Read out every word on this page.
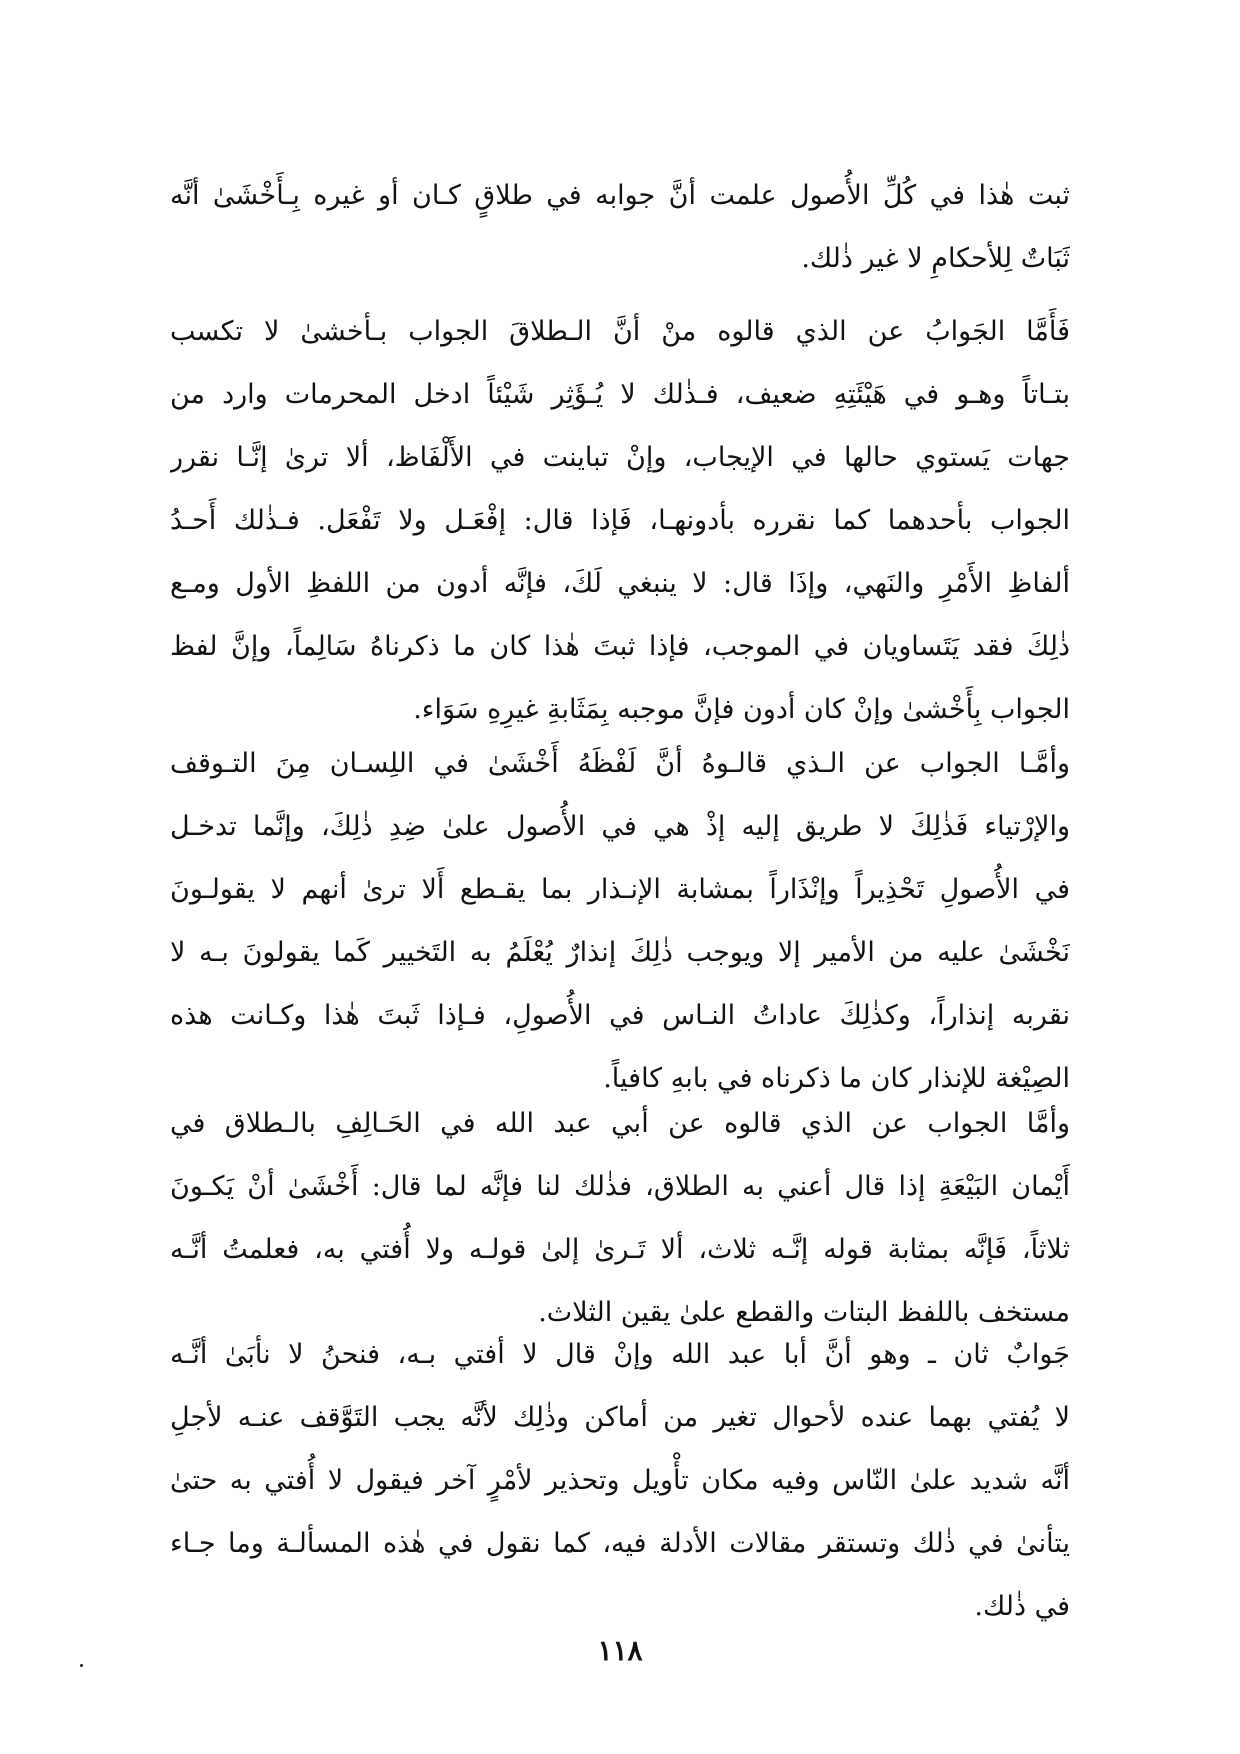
ثبت هٰذا في كُلِّ الأُصول علمت أنَّ جوابه في طلاقٍ كـان أو غيره بِـأَخْشَىٰ أنَّه
ثَبَاتٌ لِلأحكامِ لا غير ذٰلك.
فَأَمَّا الجَوابُ عن الذي قالوه منْ أنَّ الـطلاقَ الجواب بـأخشىٰ لا تكسب
بتـاتاً وهـو في هَيْئَتِهِ ضعيف، فـذٰلك لا يُـؤَثِر شَيْئاً ادخل المحرمات وارد من
جهات يَستوي حالها في الإيجاب، وإنْ تباينت في الأَلْفَاظ، ألا ترىٰ إنَّـا نقرر
الجواب بأحدهما كما نقرره بأدونهـا، فَإذا قال: إفْعَـل ولا تَفْعَل. فـذٰلك أَحـدُ
ألفاظِ الأَمْرِ والنَهي، وإذَا قال: لا ينبغي لَكَ، فإنَّه أدون من اللفظِ الأول ومـع
ذٰلِكَ فقد يَتَساويان في الموجب، فإذا ثبتَ هٰذا كان ما ذكرناهُ سَالِماً، وإنَّ لفظ
الجواب بِأَخْشىٰ وإنْ كان أدون فإنَّ موجبه بِمَثَابةِ غيرِهِ سَوَاء.
وأمَّـا الجواب عن الـذي قالـوهُ أنَّ لَفْظَهُ أَخْشَىٰ في اللِسـان مِنَ التـوقف
والإرْتياء فَذٰلِكَ لا طريق إليه إذْ هي في الأُصول علىٰ ضِدِ ذٰلِكَ، وإنَّما تدخـل
في الأُصولِ تَحْذِيراً وإنْذَاراً بمشابة الإنـذار بما يقـطع أَلا ترىٰ أنهم لا يقولـونَ
نَخْشَىٰ عليه من الأمير إلا ويوجب ذٰلِكَ إنذارٌ يُعْلَمُ به التَخيير كَما يقولونَ بـه لا
نقربه إنذاراً، وكذٰلِكَ عاداتُ النـاس في الأُصولِ، فـإذا ثَبتَ هٰذا وكـانت هذه
الصِيْغة للإنذار كان ما ذكرناه في بابهِ كافياً.
وأمَّا الجواب عن الذي قالوه عن أبي عبد الله في الحَـالِفِ بالـطلاق في
أَيْمان البَيْعَةِ إذا قال أعني به الطلاق، فذٰلك لنا فإنَّه لما قال: أَخْشَىٰ أنْ يَكـونَ
ثلاثاً، فَإنَّه بمثابة قوله إنَّـه ثلاث، ألا تَـرىٰ إلىٰ قولـه ولا أُفتي به، فعلمتُ أنَّـه
مستخف باللفظ البتات والقطع علىٰ يقين الثلاث.
جَوابٌ ثان ـ وهو أنَّ أبا عبد الله وإنْ قال لا أفتي بـه، فنحنُ لا نأبَىٰ أنَّـه
لا يُفتي بهما عنده لأحوال تغير من أماكن وذٰلِك لأنَّه يجب التَوَّقف عنـه لأجلِ
أنَّه شديد علىٰ النّاس وفيه مكان تأْويل وتحذير لأمْرٍ آخر فيقول لا أُفتي به حتىٰ
يتأنىٰ في ذٰلك وتستقر مقالات الأدلة فيه، كما نقول في هٰذه المسألـة وما جـاء
في ذٰلك.
١١٨
